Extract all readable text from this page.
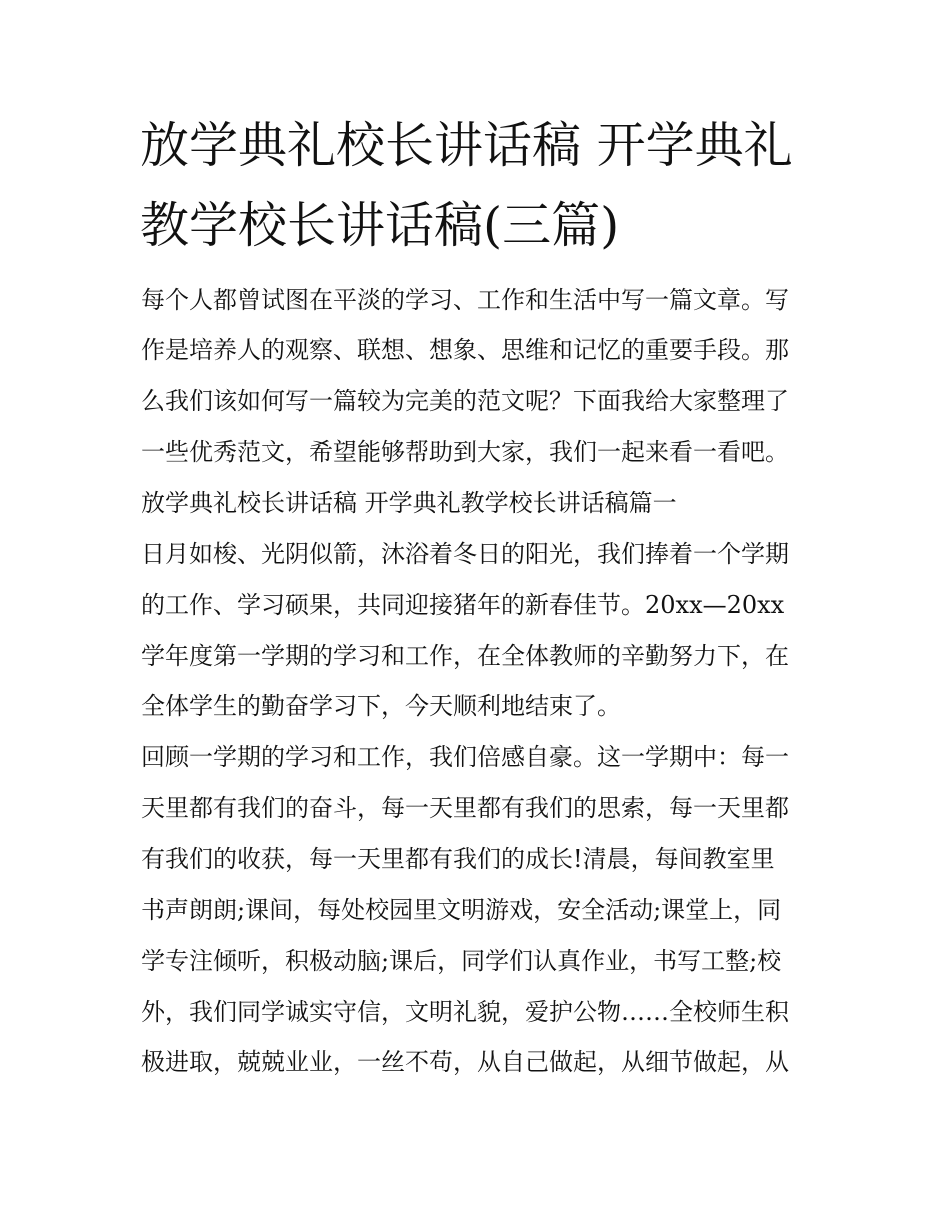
放学典礼校长讲话稿 开学典礼
教学校长讲话稿(三篇)

每个人都曾试图在平淡的学习、工作和生活中写一篇文章。写

作是培养人的观察、联想、想象、思维和记忆的重要手段。那

么我们该如何写一篇较为完美的范文呢？下面我给大家整理了

一些优秀范文，希望能够帮助到大家，我们一起来看一看吧。

放学典礼校长讲话稿 开学典礼教学校长讲话稿篇一

日月如梭、光阴似箭，沐浴着冬日的阳光，我们捧着一个学期

的工作、学习硕果，共同迎接猪年的新春佳节。20xx—20xx

学年度第一学期的学习和工作，在全体教师的辛勤努力下，在

全体学生的勤奋学习下，今天顺利地结束了。

回顾一学期的学习和工作，我们倍感自豪。这一学期中：每一

天里都有我们的奋斗，每一天里都有我们的思索，每一天里都

有我们的收获，每一天里都有我们的成长!清晨，每间教室里

书声朗朗;课间，每处校园里文明游戏，安全活动;课堂上，同

学专注倾听，积极动脑;课后，同学们认真作业，书写工整;校

外，我们同学诚实守信，文明礼貌，爱护公物……全校师生积

极进取，兢兢业业，一丝不苟，从自己做起，从细节做起，从
